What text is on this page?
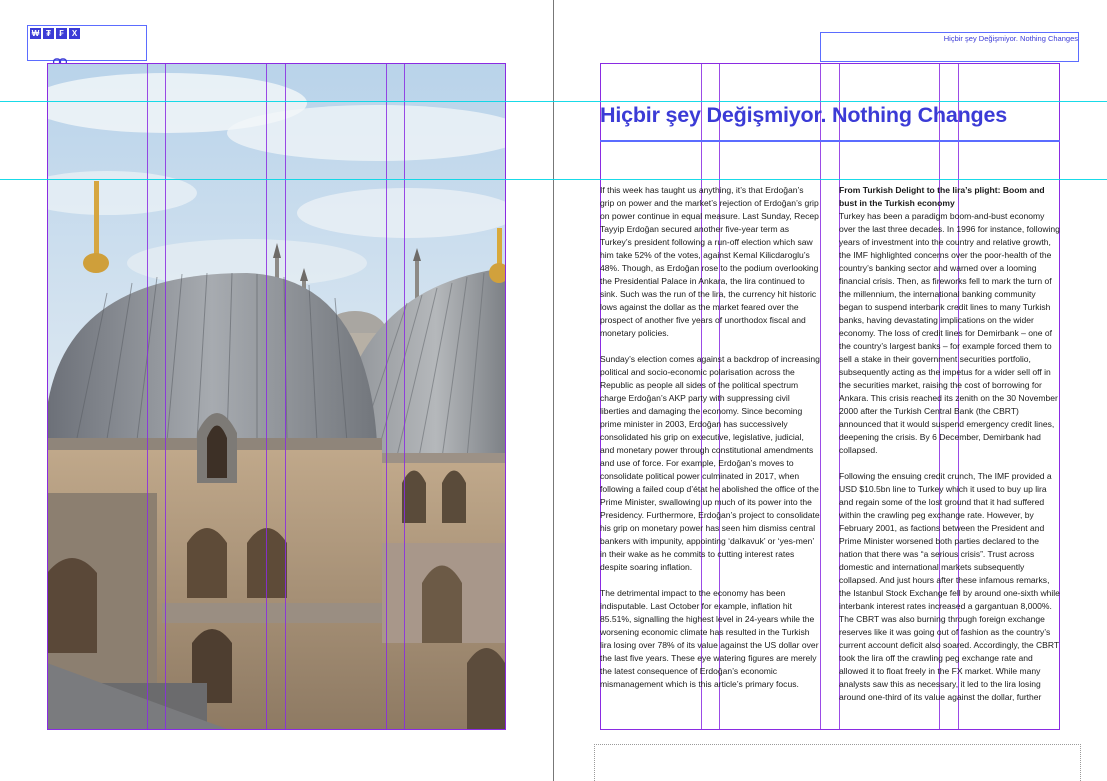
₩ ₮	₣	X
Hiçbir şey Değişmiyor. Nothing Changes
Hiçbir şey Değişmiyor. Nothing Changes

If this week has taught us anything, it’s that Erdoğan’s grip on power and the market’s rejection of Erdoğan’s grip on power continue in equal measure. Last Sunday, Recep Tayyip Erdoğan secured another five-year term as Turkey’s president following a run-off election which saw him take 52% of the votes, against Kemal Kilicdaroglu’s 48%. Though, as Erdoğan rose to the podium overlooking the Presidential Palace in Ankara, the lira continued to sink. Such was the run of the lira, the currency hit historic lows against the dollar as the market feared over the prospect of another five years of unorthodox fiscal and monetary policies.

Sunday’s election comes against a backdrop of increasing political and socio-economic polarisation across the Republic as people all sides of the political spectrum charge Erdoğan’s AKP party with suppressing civil liberties and damaging the economy. Since becoming prime minister in 2003, Erdoğan has successively consolidated his grip on executive, legislative, judicial, and monetary power through constitutional amendments and use of force. For example, Erdoğan’s moves to consolidate political power culminated in 2017, when following a failed coup d’état he abolished the office of the Prime Minister, swallowing up much of its power into the Presidency. Furthermore, Erdoğan’s project to consolidate his grip on monetary power has seen him dismiss central bankers with impunity, appointing ‘dalkavuk’ or ‘yes-men’ in their wake as he commits to cutting interest rates despite soaring inflation.

The detrimental impact to the economy has been indisputable. Last October for example, inflation hit 85.51%, signalling the highest level in 24-years while the worsening economic climate has resulted in the Turkish lira losing over 78% of its value against the US dollar over the last five years. These eye watering figures are merely the latest consequence of Erdoğan’s economic mismanagement which is this article’s primary focus.

From Turkish Delight to the lira’s plight: Boom and bust in the Turkish economy

Turkey has been a paradigm boom-and-bust economy over the last three decades. In 1996 for instance, following years of investment into the country and relative growth, the IMF highlighted concerns over the poor-health of the country’s banking sector and warned over a looming financial crisis. Then, as fireworks fell to mark the turn of the millennium, the international banking community began to suspend interbank credit lines to many Turkish banks, having devastating implications on the wider economy. The loss of credit lines for Demirbank – one of the country’s largest banks – for example forced them to sell a stake in their government securities portfolio, subsequently acting as the impetus for a wider sell off in the securities market, raising the cost of borrowing for Ankara. This crisis reached its zenith on the 30 November 2000 after the Turkish Central Bank (the CBRT) announced that it would suspend emergency credit lines, deepening the crisis. By 6 December, Demirbank had collapsed.

Following the ensuing credit crunch, The IMF provided a USD $10.5bn line to Turkey which it used to buy up lira and regain some of the lost ground that it had suffered within the crawling peg exchange rate. However, by February 2001, as factions between the President and Prime Minister worsened both parties declared to the nation that there was “a serious crisis”. Trust across domestic and international markets subsequently collapsed. And just hours after these infamous remarks, the Istanbul Stock Exchange fell by around one-sixth while interbank interest rates increased a gargantuan 8,000%. The CBRT was also burning through foreign exchange reserves like it was going out of fashion as the country’s current account deficit also soared. Accordingly, the CBRT took the lira off the crawling peg exchange rate and allowed it to float freely in the FX market. While many analysts saw this as necessary, it led to the lira losing around one-third of its value against the dollar, further
